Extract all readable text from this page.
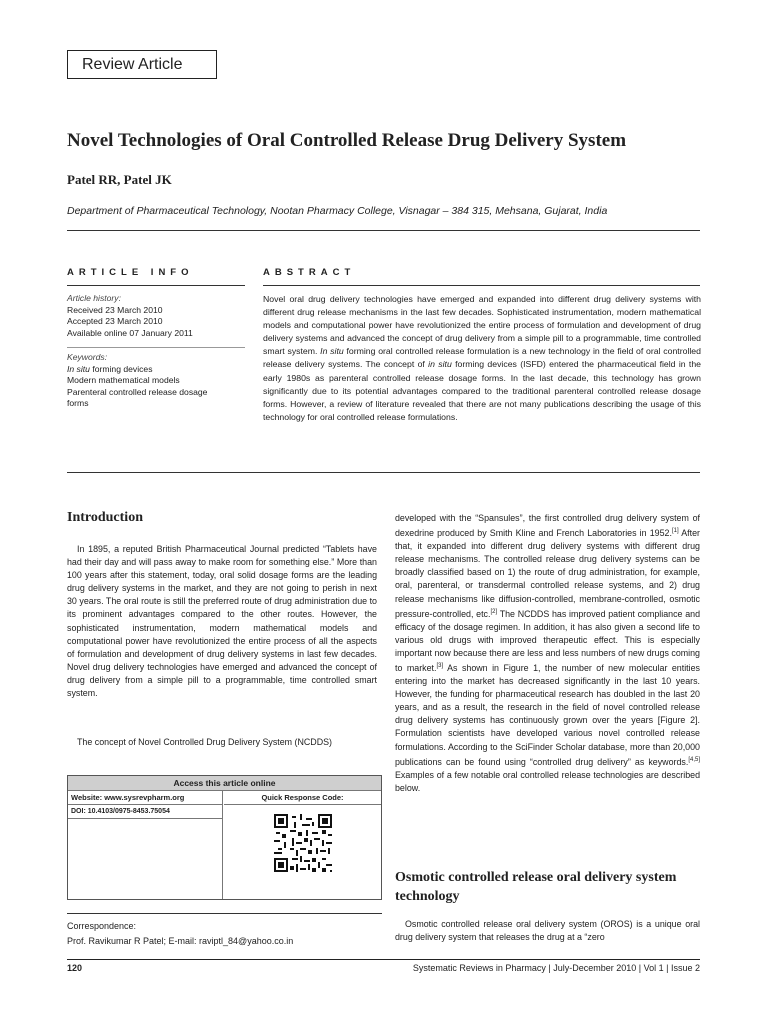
Review Article
Novel Technologies of Oral Controlled Release Drug Delivery System
Patel RR, Patel JK
Department of Pharmaceutical Technology, Nootan Pharmacy College, Visnagar – 384 315, Mehsana, Gujarat, India
ARTICLE INFO	ABSTRACT
Article history:
Received 23 March 2010
Accepted 23 March 2010
Available online 07 January 2011
Keywords:
In situ forming devices
Modern mathematical models
Parenteral controlled release dosage forms

Novel oral drug delivery technologies have emerged and expanded into different drug delivery systems with different drug release mechanisms in the last few decades. Sophisticated instrumentation, modern mathematical models and computational power have revolutionized the entire process of formulation and development of drug delivery systems and advanced the concept of drug delivery from a simple pill to a programmable, time controlled smart system. In situ forming oral controlled release formulation is a new technology in the field of oral controlled release delivery systems. The concept of in situ forming devices (ISFD) entered the pharmaceutical field in the early 1980s as parenteral controlled release dosage forms. In the last decade, this technology has grown significantly due to its potential advantages compared to the traditional parenteral controlled release dosage forms. However, a review of literature revealed that there are not many publications describing the usage of this technology for oral controlled release formulations.

Introduction

In 1895, a reputed British Pharmaceutical Journal predicted “Tablets have had their day and will pass away to make room for something else.” More than 100 years after this statement, today, oral solid dosage forms are the leading drug delivery systems in the market, and they are not going to perish in next 30 years. The oral route is still the preferred route of drug administration due to its prominent advantages compared to the other routes. However, the sophisticated instrumentation, modern mathematical models and computational power have revolutionized the entire process of all the aspects of formulation and development of drug delivery systems in last few decades. Novel drug delivery technologies have emerged and advanced the concept of drug delivery from a simple pill to a programmable, time controlled smart system.

The concept of Novel Controlled Drug Delivery System (NCDDS)

developed with the “Spansules”, the first controlled drug delivery system of dexedrine produced by Smith Kline and French Laboratories in 1952.[1] After that, it expanded into different drug delivery systems with different drug release mechanisms. The controlled release drug delivery systems can be broadly classified based on 1) the route of drug administration, for example, oral, parenteral, or transdermal controlled release systems, and 2) drug release mechanisms like diffusion-controlled, membrane-controlled, osmotic pressure-controlled, etc.[2] The NCDDS has improved patient compliance and efficacy of the dosage regimen. In addition, it has also given a second life to various old drugs with improved therapeutic effect. This is especially important now because there are less and less numbers of new drugs coming to market.[3] As shown in Figure 1, the number of new molecular entities entering into the market has decreased significantly in the last 10 years. However, the funding for pharmaceutical research has doubled in the last 20 years, and as a result, the research in the field of novel controlled release drug delivery systems has continuously grown over the years [Figure 2]. Formulation scientists have developed various novel controlled release formulations. According to the SciFinder Scholar database, more than 20,000 publications can be found using “controlled drug delivery” as keywords.[4,5] Examples of a few notable oral controlled release technologies are described below.

Osmotic controlled release oral delivery system technology

Osmotic controlled release oral delivery system (OROS) is a unique oral drug delivery system that releases the drug at a “zero

Access this article online
Website: www.sysrevpharm.org
DOI: 10.4103/0975-8453.75054
Quick Response Code:
Correspondence:
Prof. Ravikumar R Patel; E-mail: raviptl_84@yahoo.co.in
120	Systematic Reviews in Pharmacy | July-December 2010 | Vol 1 | Issue 2
